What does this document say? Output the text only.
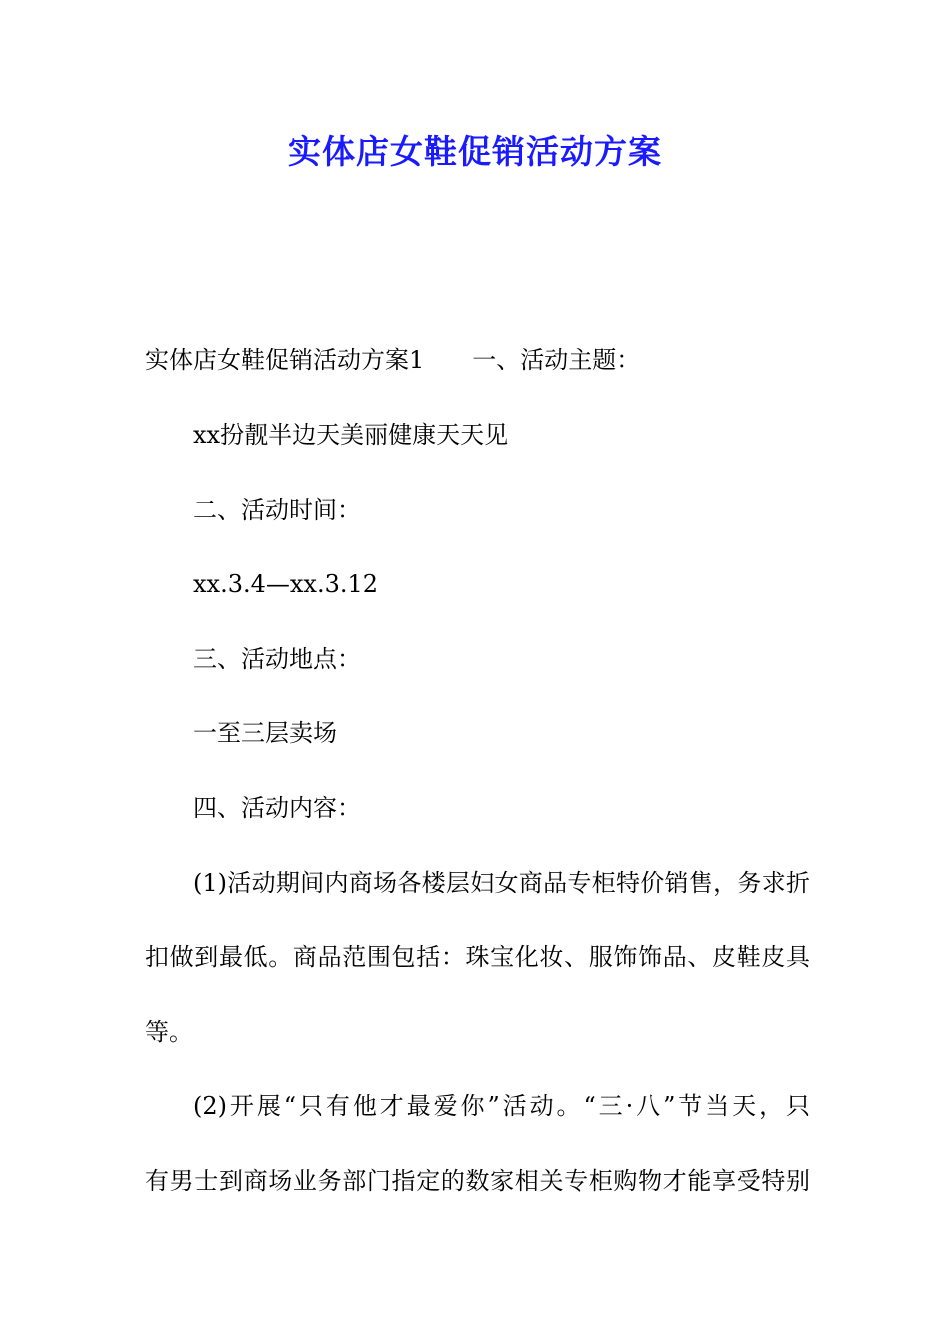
实体店女鞋促销活动方案
实体店女鞋促销活动方案1 一、活动主题：
xx扮靓半边天美丽健康天天见
二、活动时间：
xx.3.4—xx.3.12
三、活动地点：
一至三层卖场
四、活动内容：
(1)活动期间内商场各楼层妇女商品专柜特价销售，务求折
扣做到最低。商品范围包括：珠宝化妆、服饰饰品、皮鞋皮具
等。
(2)开展“只有他才最爱你”活动。“三·八”节当天，只
有男士到商场业务部门指定的数家相关专柜购物才能享受特别
